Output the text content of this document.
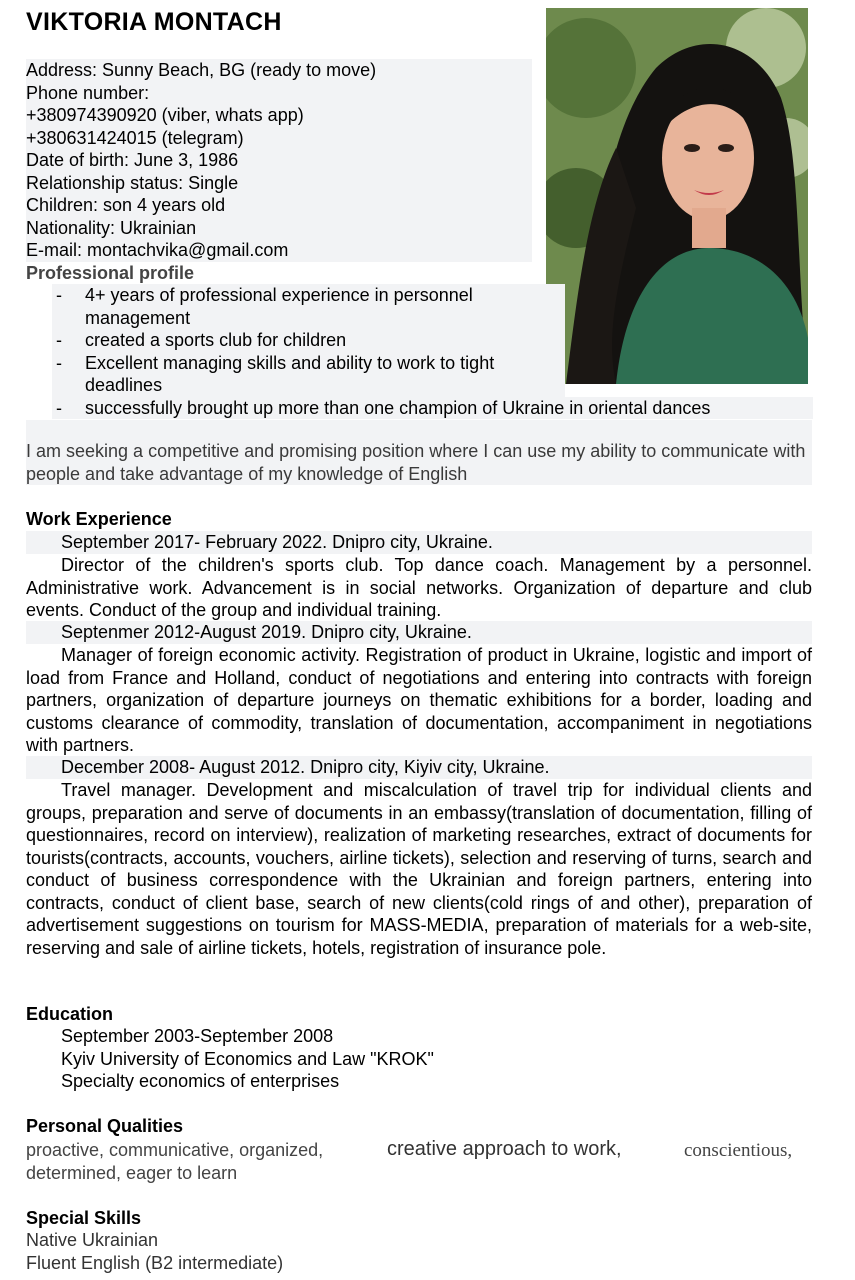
VIKTORIA MONTACH
Address: Sunny Beach, BG (ready to move)
Phone number:
+380974390920 (viber, whats app)
+380631424015 (telegram)
Date of birth: June 3, 1986
Relationship status: Single
Children: son 4 years old
Nationality: Ukrainian
E-mail: montachvika@gmail.com
Professional profile
- 4+ years of professional experience in personnel management
- created a sports club for children
- Excellent managing skills and ability to work to tight deadlines
- successfully brought up more than one champion of Ukraine in oriental dances
I am seeking a competitive and promising position where I can use my ability to communicate with people and take advantage of my knowledge of English
Work Experience
September 2017- February 2022. Dnipro city, Ukraine.
Director of the children's sports club. Top dance coach. Management by a personnel. Administrative work. Advancement is in social networks. Organization of departure and club events. Conduct of the group and individual training.
Septenmer 2012-August 2019. Dnipro city, Ukraine.
Manager of foreign economic activity. Registration of product in Ukraine, logistic and import of load from France and Holland, conduct of negotiations and entering into contracts with foreign partners, organization of departure journeys on thematic exhibitions for a border, loading and customs clearance of commodity, translation of documentation, accompaniment in negotiations with partners.
December 2008- August 2012. Dnipro city, Kiyiv city, Ukraine.
Travel manager. Development and miscalculation of travel trip for individual clients and groups, preparation and serve of documents in an embassy(translation of documentation, filling of questionnaires, record on interview), realization of marketing researches, extract of documents for tourists(contracts, accounts, vouchers, airline tickets), selection and reserving of turns, search and conduct of business correspondence with the Ukrainian and foreign partners, entering into contracts, conduct of client base, search of new clients(cold rings of and other), preparation of advertisement suggestions on tourism for MASS-MEDIA, preparation of materials for a web-site, reserving and sale of airline tickets, hotels, registration of insurance pole.
Education
September 2003-September 2008
Kyiv University of Economics and Law "KROK"
Specialty economics of enterprises
Personal Qualities
proactive, communicative, organized,	creative approach to work,	conscientious,
determined, eager to learn
Special Skills
Native Ukrainian
Fluent English (B2 intermediate)
